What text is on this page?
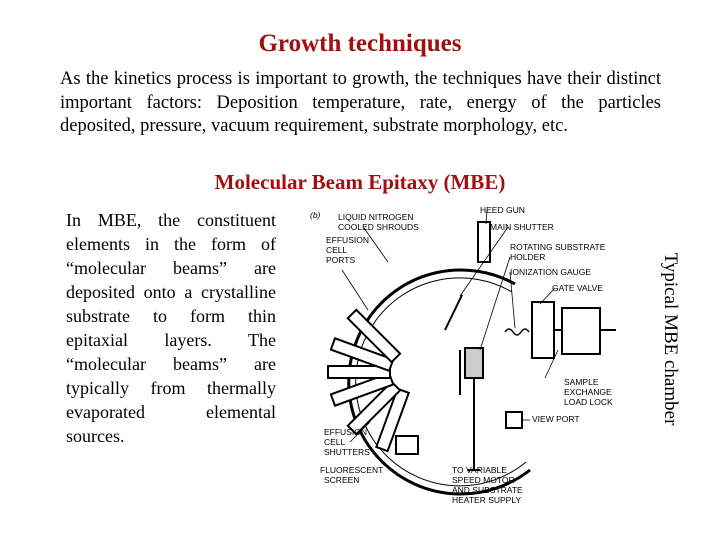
Growth techniques

As the kinetics process is important to growth, the techniques have their distinct important factors: Deposition temperature, rate, energy of the particles deposited, pressure, vacuum requirement, substrate morphology, etc.

Molecular Beam Epitaxy (MBE)

In MBE, the constituent elements in the form of “molecular beams” are deposited onto a crystalline substrate to form thin epitaxial layers. The “molecular beams” are typically from thermally evaporated elemental sources.

(b)	HEED GUN
LIQUID NITROGEN
COOLED SHROUDS	MAIN SHUTTER
EFFUSION
CELL
PORTS
ROTATING SUBSTRATE
HOLDER
IONIZATION GAUGE
GATE VALVE
SAMPLE
EXCHANGE
LOAD LOCK
VIEW PORT
EFFUSION
CELL
SHUTTERS
FLUORESCENT
SCREEN
TO VARIABLE
SPEED MOTOR
AND SUBSTRATE
HEATER SUPPLY
Typical MBE chamber
